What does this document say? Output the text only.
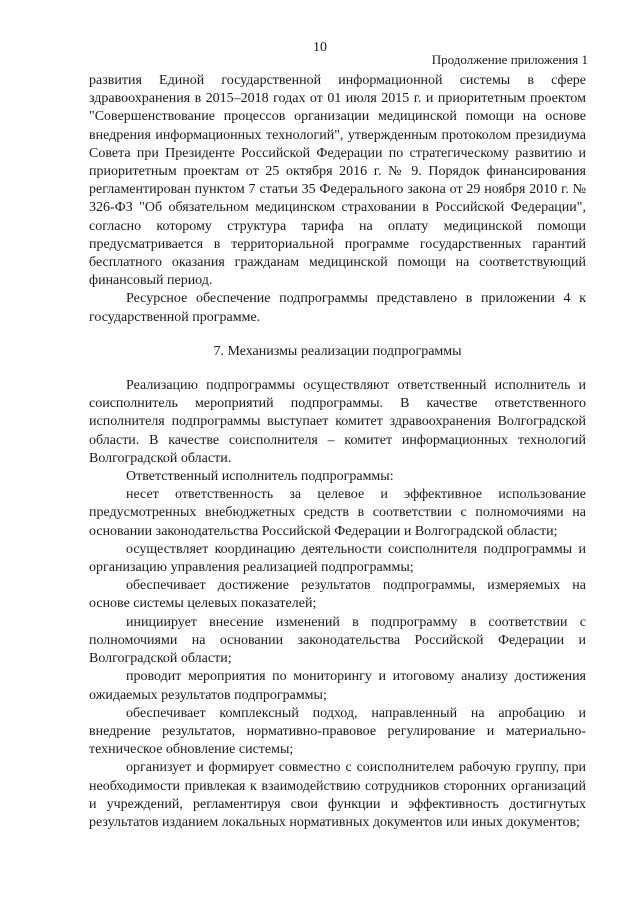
10
Продолжение приложения 1

развития Единой государственной информационной системы в сфере здравоохранения в 2015–2018 годах от 01 июля 2015 г. и приоритетным проектом "Совершенствование процессов организации медицинской помощи на основе внедрения информационных технологий", утвержденным протоколом президиума Совета при Президенте Российской Федерации по стратегическому развитию и приоритетным проектам от 25 октября 2016 г. № 9. Порядок финансирования регламентирован пунктом 7 статьи 35 Федерального закона от 29 ноября 2010 г. № 326-ФЗ "Об обязательном медицинском страховании в Российской Федерации", согласно которому структура тарифа на оплату медицинской помощи предусматривается в территориальной программе государственных гарантий бесплатного оказания гражданам медицинской помощи на соответствующий финансовый период.

Ресурсное обеспечение подпрограммы представлено в приложении 4 к государственной программе.

7. Механизмы реализации подпрограммы

Реализацию подпрограммы осуществляют ответственный исполнитель и соисполнитель мероприятий подпрограммы. В качестве ответственного исполнителя подпрограммы выступает комитет здравоохранения Волгоградской области. В качестве соисполнителя – комитет информационных технологий Волгоградской области.

Ответственный исполнитель подпрограммы:

несет ответственность за целевое и эффективное использование предусмотренных внебюджетных средств в соответствии с полномочиями на основании законодательства Российской Федерации и Волгоградской области;

осуществляет координацию деятельности соисполнителя подпрограммы и организацию управления реализацией подпрограммы;

обеспечивает достижение результатов подпрограммы, измеряемых на основе системы целевых показателей;

инициирует внесение изменений в подпрограмму в соответствии с полномочиями на основании законодательства Российской Федерации и Волгоградской области;

проводит мероприятия по мониторингу и итоговому анализу достижения ожидаемых результатов подпрограммы;

обеспечивает комплексный подход, направленный на апробацию и внедрение результатов, нормативно-правовое регулирование и материально-техническое обновление системы;

организует и формирует совместно с соисполнителем рабочую группу, при необходимости привлекая к взаимодействию сотрудников сторонних организаций и учреждений, регламентируя свои функции и эффективность достигнутых результатов изданием локальных нормативных документов или иных документов;
